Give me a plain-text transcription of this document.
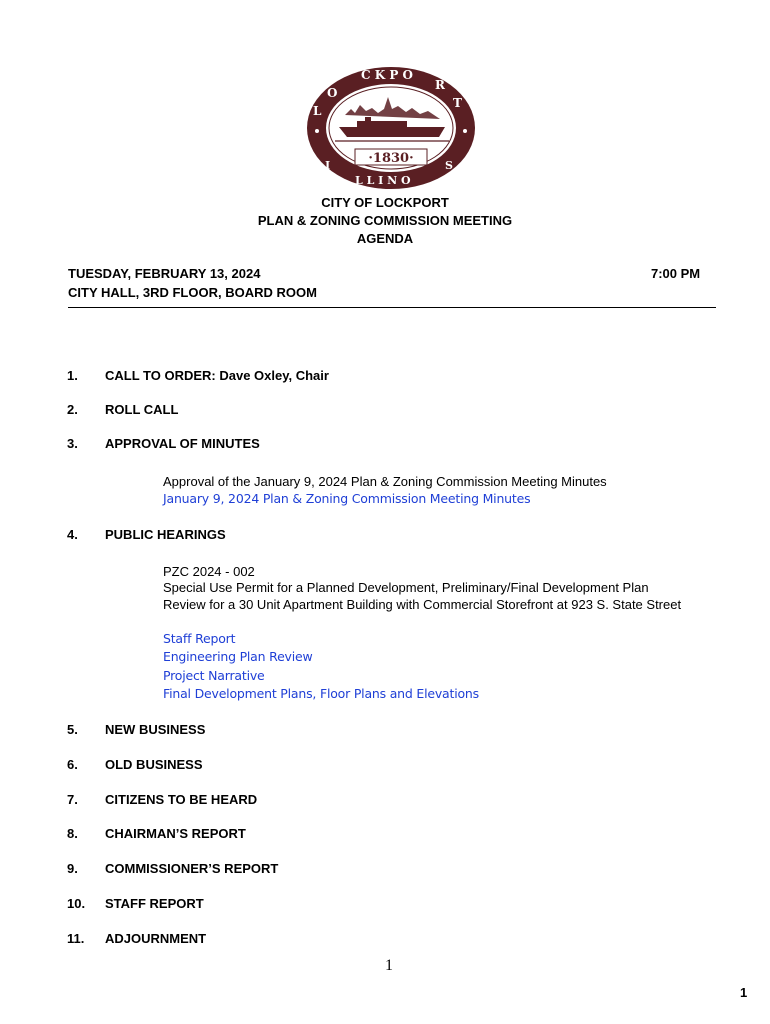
C K P O
O
L
R
T
L L I N O
I	S
·1830·
CITY OF LOCKPORT
PLAN & ZONING COMMISSION MEETING
AGENDA
TUESDAY, FEBRUARY 13, 2024	7:00 PM
CITY HALL, 3RD FLOOR, BOARD ROOM
1. CALL TO ORDER: Dave Oxley, Chair
2. ROLL CALL
3. APPROVAL OF MINUTES
Approval of the January 9, 2024 Plan & Zoning Commission Meeting Minutes
January 9, 2024 Plan & Zoning Commission Meeting Minutes
4. PUBLIC HEARINGS
PZC 2024 - 002
Special Use Permit for a Planned Development, Preliminary/Final Development Plan
Review for a 30 Unit Apartment Building with Commercial Storefront at 923 S. State Street
Staff Report
Engineering Plan Review
Project Narrative
Final Development Plans, Floor Plans and Elevations
5. NEW BUSINESS
6. OLD BUSINESS
7. CITIZENS TO BE HEARD
8. CHAIRMAN’S REPORT
9. COMMISSIONER’S REPORT
10. STAFF REPORT
11. ADJOURNMENT
1
1
